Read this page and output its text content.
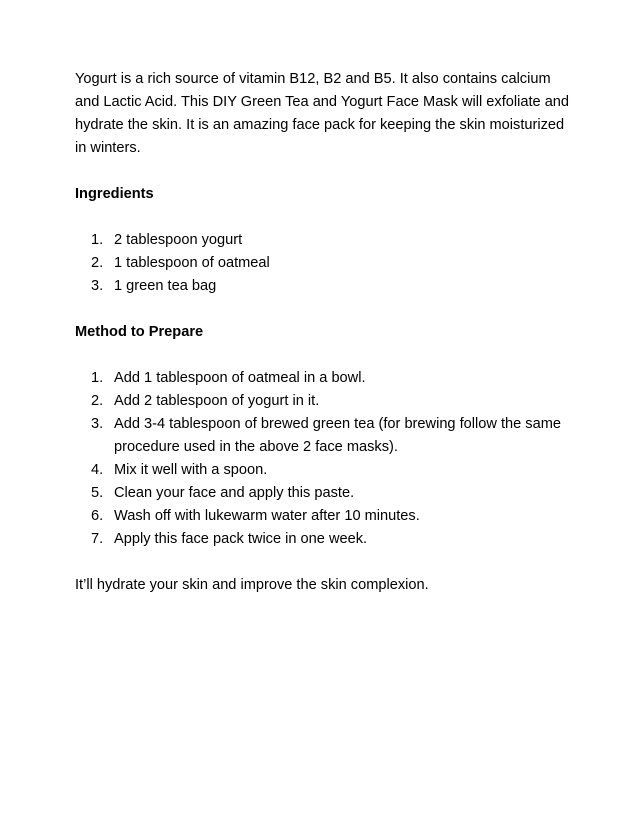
Yogurt is a rich source of vitamin B12, B2 and B5. It also contains calcium and Lactic Acid. This DIY Green Tea and Yogurt Face Mask will exfoliate and hydrate the skin. It is an amazing face pack for keeping the skin moisturized in winters.

Ingredients

1. 2 tablespoon yogurt
2. 1 tablespoon of oatmeal
3. 1 green tea bag

Method to Prepare

1. Add 1 tablespoon of oatmeal in a bowl.
2. Add 2 tablespoon of yogurt in it.
3. Add 3-4 tablespoon of brewed green tea (for brewing follow the same procedure used in the above 2 face masks).
4. Mix it well with a spoon.
5. Clean your face and apply this paste.
6. Wash off with lukewarm water after 10 minutes.
7. Apply this face pack twice in one week.

It’ll hydrate your skin and improve the skin complexion.
